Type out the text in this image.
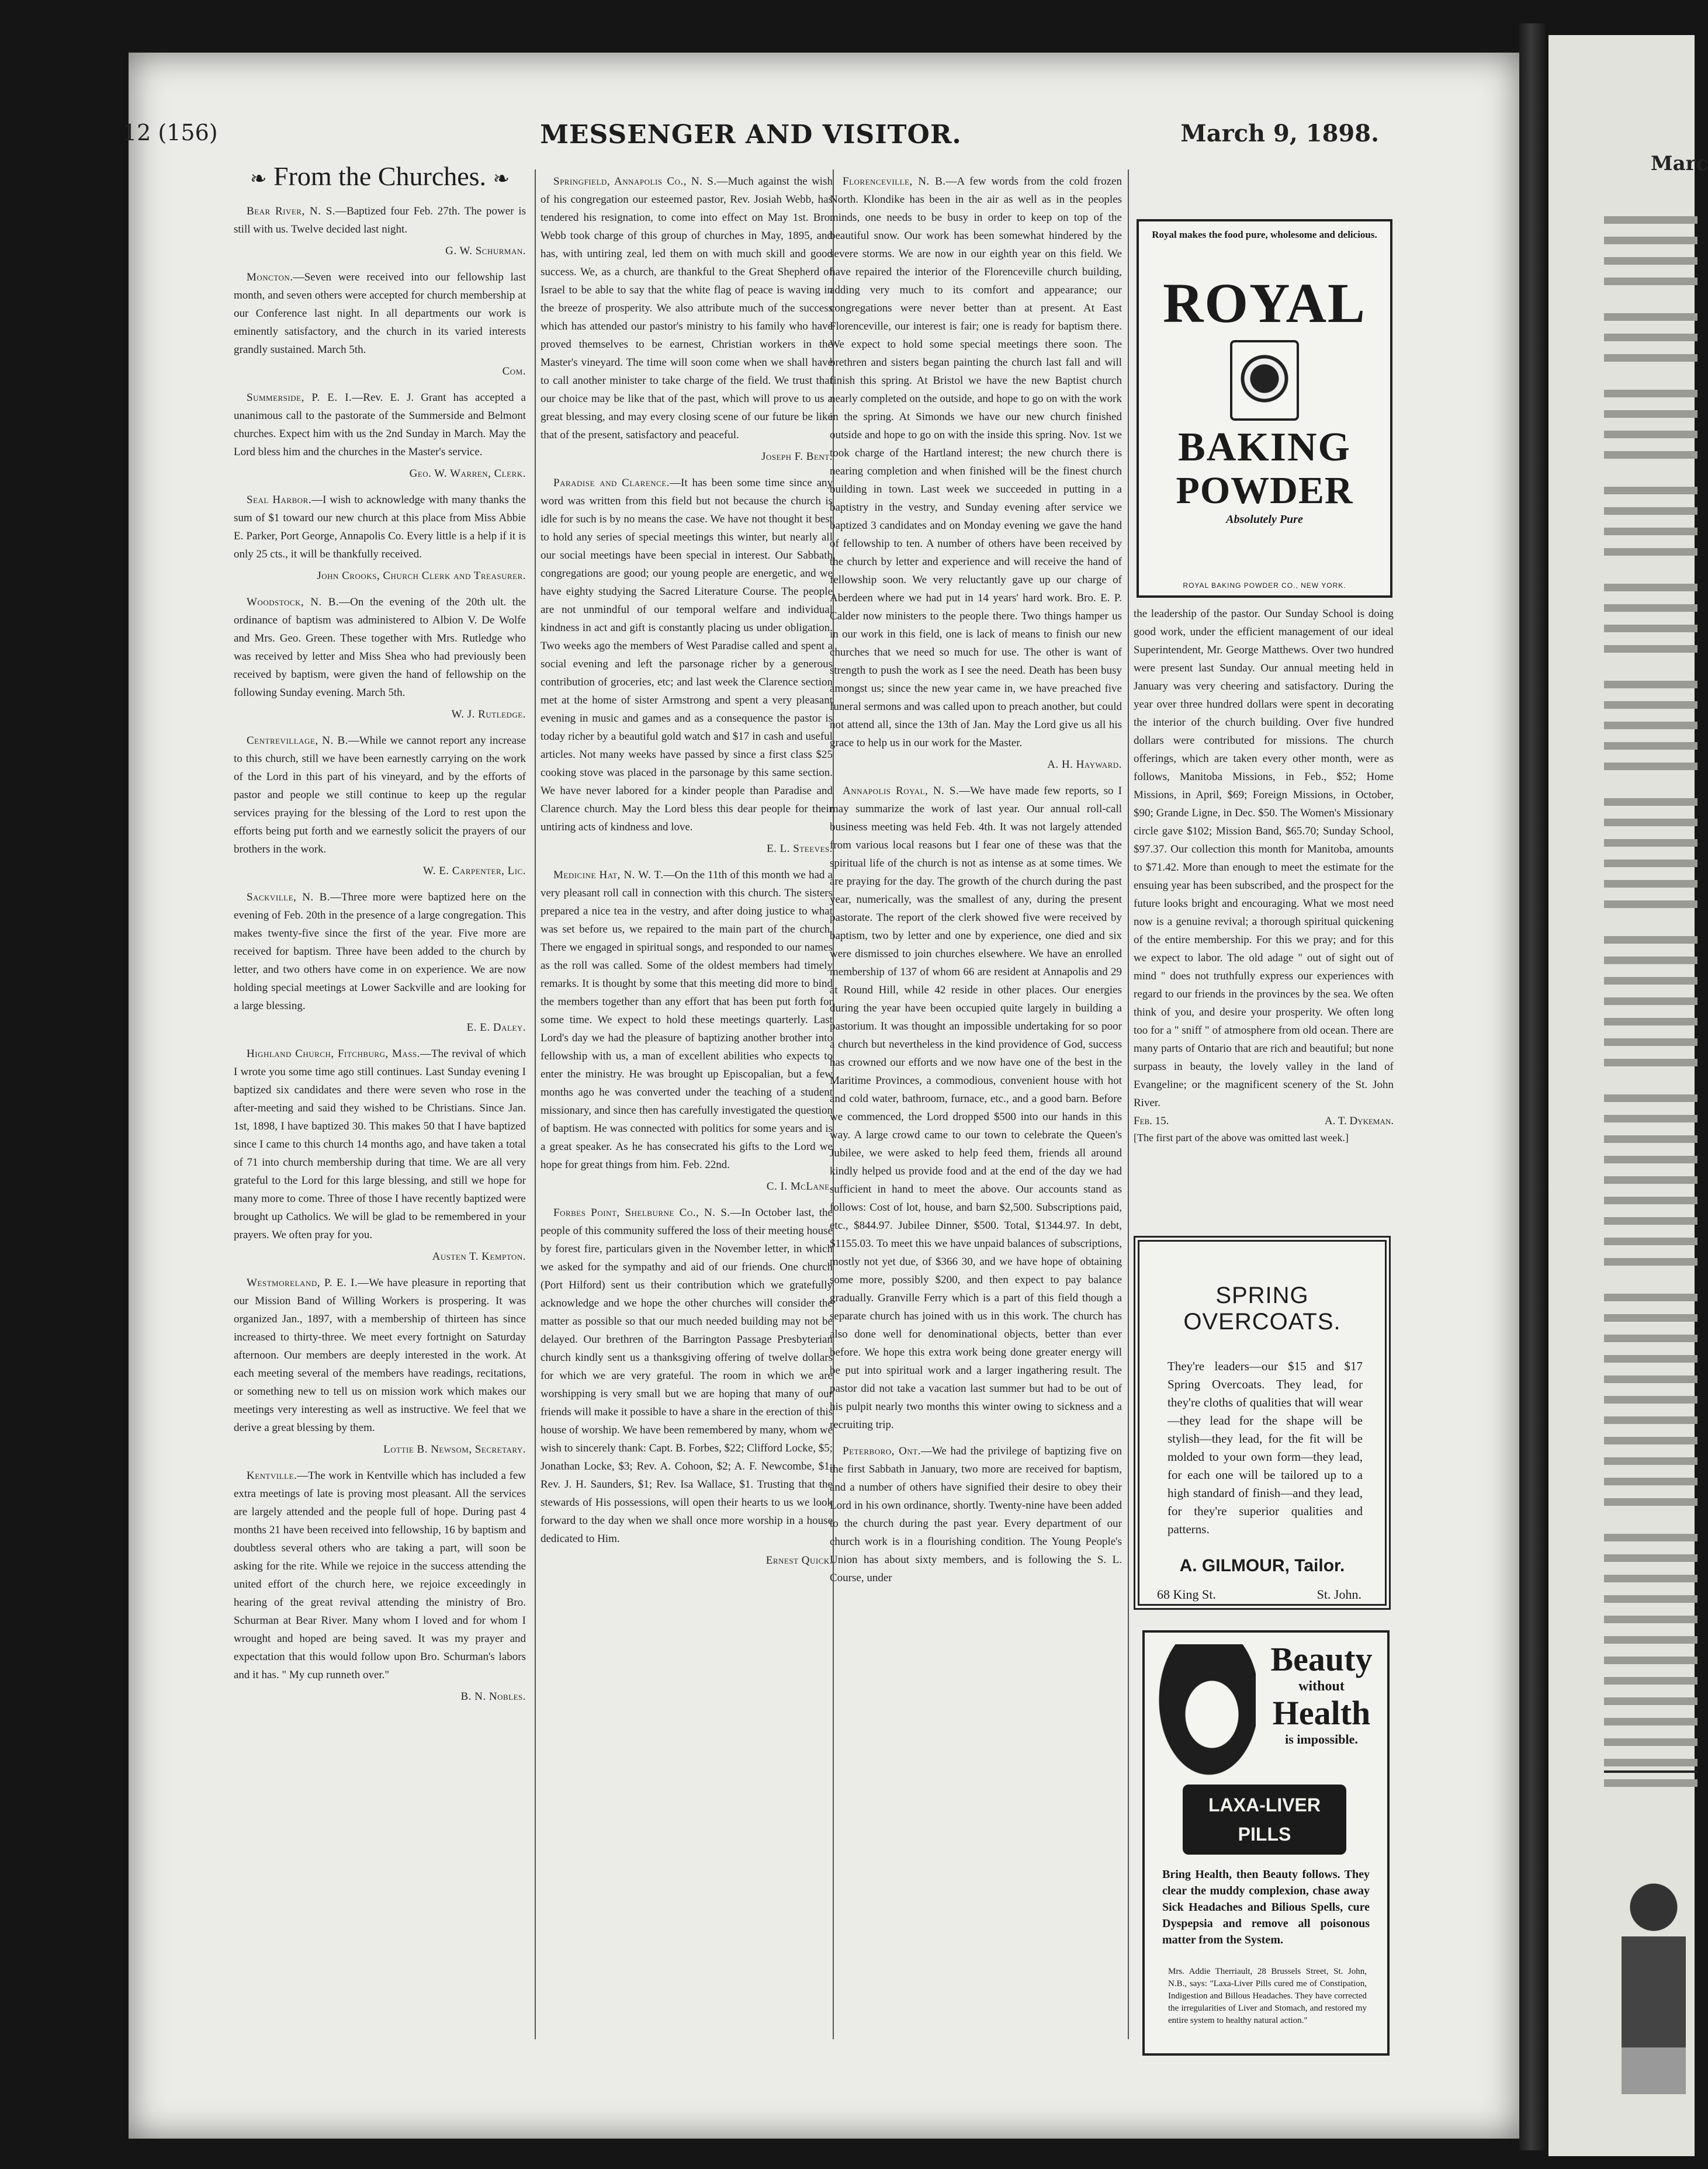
Marc
MESSENGER AND VISITOR.
12 (156)	March 9, 1898.
❧ From the Churches. ❧

Bear River, N. S.—Baptized four Feb. 27th. The power is still with us. Twelve decided last night.

G. W. Schurman.

Moncton.—Seven were received into our fellowship last month, and seven others were accepted for church membership at our Conference last night. In all departments our work is eminently satisfactory, and the church in its varied interests grandly sustained. March 5th.

Com.

Summerside, P. E. I.—Rev. E. J. Grant has accepted a unanimous call to the pastorate of the Summerside and Belmont churches. Expect him with us the 2nd Sunday in March. May the Lord bless him and the churches in the Master's service.

Geo. W. Warren, Clerk.

Seal Harbor.—I wish to acknowledge with many thanks the sum of $1 toward our new church at this place from Miss Abbie E. Parker, Port George, Annapolis Co. Every little is a help if it is only 25 cts., it will be thankfully received.

John Crooks, Church Clerk and Treasurer.

Woodstock, N. B.—On the evening of the 20th ult. the ordinance of baptism was administered to Albion V. De Wolfe and Mrs. Geo. Green. These together with Mrs. Rutledge who was received by letter and Miss Shea who had previously been received by baptism, were given the hand of fellowship on the following Sunday evening. March 5th.

W. J. Rutledge.

Centrevillage, N. B.—While we cannot report any increase to this church, still we have been earnestly carrying on the work of the Lord in this part of his vineyard, and by the efforts of pastor and people we still continue to keep up the regular services praying for the blessing of the Lord to rest upon the efforts being put forth and we earnestly solicit the prayers of our brothers in the work.

W. E. Carpenter, Lic.

Sackville, N. B.—Three more were baptized here on the evening of Feb. 20th in the presence of a large congregation. This makes twenty-five since the first of the year. Five more are received for baptism. Three have been added to the church by letter, and two others have come in on experience. We are now holding special meetings at Lower Sackville and are looking for a large blessing.

E. E. Daley.

Highland Church, Fitchburg, Mass.—The revival of which I wrote you some time ago still continues. Last Sunday evening I baptized six candidates and there were seven who rose in the after-meeting and said they wished to be Christians. Since Jan. 1st, 1898, I have baptized 30. This makes 50 that I have baptized since I came to this church 14 months ago, and have taken a total of 71 into church membership during that time. We are all very grateful to the Lord for this large blessing, and still we hope for many more to come. Three of those I have recently baptized were brought up Catholics. We will be glad to be remembered in your prayers. We often pray for you.

Austen T. Kempton.

Westmoreland, P. E. I.—We have pleasure in reporting that our Mission Band of Willing Workers is prospering. It was organized Jan., 1897, with a membership of thirteen has since increased to thirty-three. We meet every fortnight on Saturday afternoon. Our members are deeply interested in the work. At each meeting several of the members have readings, recitations, or something new to tell us on mission work which makes our meetings very interesting as well as instructive. We feel that we derive a great blessing by them.

Lottie B. Newsom, Secretary.

Kentville.—The work in Kentville which has included a few extra meetings of late is proving most pleasant. All the services are largely attended and the people full of hope. During past 4 months 21 have been received into fellowship, 16 by baptism and doubtless several others who are taking a part, will soon be asking for the rite. While we rejoice in the success attending the united effort of the church here, we rejoice exceedingly in hearing of the great revival attending the ministry of Bro. Schurman at Bear River. Many whom I loved and for whom I wrought and hoped are being saved. It was my prayer and expectation that this would follow upon Bro. Schurman's labors and it has. " My cup runneth over."

B. N. Nobles.

Springfield, Annapolis Co., N. S.—Much against the wish of his congregation our esteemed pastor, Rev. Josiah Webb, has tendered his resignation, to come into effect on May 1st. Bro. Webb took charge of this group of churches in May, 1895, and has, with untiring zeal, led them on with much skill and good success. We, as a church, are thankful to the Great Shepherd of Israel to be able to say that the white flag of peace is waving in the breeze of prosperity. We also attribute much of the success which has attended our pastor's ministry to his family who have proved themselves to be earnest, Christian workers in the Master's vineyard. The time will soon come when we shall have to call another minister to take charge of the field. We trust that our choice may be like that of the past, which will prove to us a great blessing, and may every closing scene of our future be like that of the present, satisfactory and peaceful.

Joseph F. Bent.

Paradise and Clarence.—It has been some time since any word was written from this field but not because the church is idle for such is by no means the case. We have not thought it best to hold any series of special meetings this winter, but nearly all our social meetings have been special in interest. Our Sabbath congregations are good; our young people are energetic, and we have eighty studying the Sacred Literature Course. The people are not unmindful of our temporal welfare and individual kindness in act and gift is constantly placing us under obligation. Two weeks ago the members of West Paradise called and spent a social evening and left the parsonage richer by a generous contribution of groceries, etc; and last week the Clarence section met at the home of sister Armstrong and spent a very pleasant evening in music and games and as a consequence the pastor is today richer by a beautiful gold watch and $17 in cash and useful articles. Not many weeks have passed by since a first class $25 cooking stove was placed in the parsonage by this same section. We have never labored for a kinder people than Paradise and Clarence church. May the Lord bless this dear people for their untiring acts of kindness and love.

E. L. Steeves.

Medicine Hat, N. W. T.—On the 11th of this month we had a very pleasant roll call in connection with this church. The sisters prepared a nice tea in the vestry, and after doing justice to what was set before us, we repaired to the main part of the church. There we engaged in spiritual songs, and responded to our names as the roll was called. Some of the oldest members had timely remarks. It is thought by some that this meeting did more to bind the members together than any effort that has been put forth for some time. We expect to hold these meetings quarterly. Last Lord's day we had the pleasure of baptizing another brother into fellowship with us, a man of excellent abilities who expects to enter the ministry. He was brought up Episcopalian, but a few months ago he was converted under the teaching of a student missionary, and since then has carefully investigated the question of baptism. He was connected with politics for some years and is a great speaker. As he has consecrated his gifts to the Lord we hope for great things from him. Feb. 22nd.

C. I. McLane.

Forbes Point, Shelburne Co., N. S.—In October last, the people of this community suffered the loss of their meeting house by forest fire, particulars given in the November letter, in which we asked for the sympathy and aid of our friends. One church (Port Hilford) sent us their contribution which we gratefully acknowledge and we hope the other churches will consider the matter as possible so that our much needed building may not be delayed. Our brethren of the Barrington Passage Presbyterian church kindly sent us a thanksgiving offering of twelve dollars for which we are very grateful. The room in which we are worshipping is very small but we are hoping that many of our friends will make it possible to have a share in the erection of this house of worship. We have been remembered by many, whom we wish to sincerely thank: Capt. B. Forbes, $22; Clifford Locke, $5; Jonathan Locke, $3; Rev. A. Cohoon, $2; A. F. Newcombe, $1; Rev. J. H. Saunders, $1; Rev. Isa Wallace, $1. Trusting that the stewards of His possessions, will open their hearts to us we look forward to the day when we shall once more worship in a house dedicated to Him.

Ernest Quick.

Florenceville, N. B.—A few words from the cold frozen North. Klondike has been in the air as well as in the peoples minds, one needs to be busy in order to keep on top of the beautiful snow. Our work has been somewhat hindered by the severe storms. We are now in our eighth year on this field. We have repaired the interior of the Florenceville church building, adding very much to its comfort and appearance; our congregations were never better than at present. At East Florenceville, our interest is fair; one is ready for baptism there. We expect to hold some special meetings there soon. The brethren and sisters began painting the church last fall and will finish this spring. At Bristol we have the new Baptist church nearly completed on the outside, and hope to go on with the work in the spring. At Simonds we have our new church finished outside and hope to go on with the inside this spring. Nov. 1st we took charge of the Hartland interest; the new church there is nearing completion and when finished will be the finest church building in town. Last week we succeeded in putting in a baptistry in the vestry, and Sunday evening after service we baptized 3 candidates and on Monday evening we gave the hand of fellowship to ten. A number of others have been received by the church by letter and experience and will receive the hand of fellowship soon. We very reluctantly gave up our charge of Aberdeen where we had put in 14 years' hard work. Bro. E. P. Calder now ministers to the people there. Two things hamper us in our work in this field, one is lack of means to finish our new churches that we need so much for use. The other is want of strength to push the work as I see the need. Death has been busy amongst us; since the new year came in, we have preached five funeral sermons and was called upon to preach another, but could not attend all, since the 13th of Jan. May the Lord give us all his grace to help us in our work for the Master.

A. H. Hayward.

Annapolis Royal, N. S.—We have made few reports, so I may summarize the work of last year. Our annual roll-call business meeting was held Feb. 4th. It was not largely attended from various local reasons but I fear one of these was that the spiritual life of the church is not as intense as at some times. We are praying for the day. The growth of the church during the past year, numerically, was the smallest of any, during the present pastorate. The report of the clerk showed five were received by baptism, two by letter and one by experience, one died and six were dismissed to join churches elsewhere. We have an enrolled membership of 137 of whom 66 are resident at Annapolis and 29 at Round Hill, while 42 reside in other places. Our energies during the year have been occupied quite largely in building a pastorium. It was thought an impossible undertaking for so poor a church but nevertheless in the kind providence of God, success has crowned our efforts and we now have one of the best in the Maritime Provinces, a commodious, convenient house with hot and cold water, bathroom, furnace, etc., and a good barn. Before we commenced, the Lord dropped $500 into our hands in this way. A large crowd came to our town to celebrate the Queen's Jubilee, we were asked to help feed them, friends all around kindly helped us provide food and at the end of the day we had sufficient in hand to meet the above. Our accounts stand as follows: Cost of lot, house, and barn $2,500. Subscriptions paid, etc., $844.97. Jubilee Dinner, $500. Total, $1344.97. In debt, $1155.03. To meet this we have unpaid balances of subscriptions, mostly not yet due, of $366 30, and we have hope of obtaining some more, possibly $200, and then expect to pay balance gradually. Granville Ferry which is a part of this field though a separate church has joined with us in this work. The church has also done well for denominational objects, better than ever before. We hope this extra work being done greater energy will be put into spiritual work and a larger ingathering result. The pastor did not take a vacation last summer but had to be out of his pulpit nearly two months this winter owing to sickness and a recruiting trip.

Peterboro, Ont.—We had the privilege of baptizing five on the first Sabbath in January, two more are received for baptism, and a number of others have signified their desire to obey their Lord in his own ordinance, shortly. Twenty-nine have been added to the church during the past year. Every department of our church work is in a flourishing condition. The Young People's Union has about sixty members, and is following the S. L. Course, under

Royal makes the food pure, wholesome and delicious.
ROYAL
BAKING
POWDER
Absolutely Pure
ROYAL BAKING POWDER CO., NEW YORK.

the leadership of the pastor. Our Sunday School is doing good work, under the efficient management of our ideal Superintendent, Mr. George Matthews. Over two hundred were present last Sunday. Our annual meeting held in January was very cheering and satisfactory. During the year over three hundred dollars were spent in decorating the interior of the church building. Over five hundred dollars were contributed for missions. The church offerings, which are taken every other month, were as follows, Manitoba Missions, in Feb., $52; Home Missions, in April, $69; Foreign Missions, in October, $90; Grande Ligne, in Dec. $50. The Women's Missionary circle gave $102; Mission Band, $65.70; Sunday School, $97.37. Our collection this month for Manitoba, amounts to $71.42. More than enough to meet the estimate for the ensuing year has been subscribed, and the prospect for the future looks bright and encouraging. What we most need now is a genuine revival; a thorough spiritual quickening of the entire membership. For this we pray; and for this we expect to labor. The old adage " out of sight out of mind " does not truthfully express our experiences with regard to our friends in the provinces by the sea. We often think of you, and desire your prosperity. We often long too for a " sniff " of atmosphere from old ocean. There are many parts of Ontario that are rich and beautiful; but none surpass in beauty, the lovely valley in the land of Evangeline; or the magnificent scenery of the St. John River.

Feb. 15.	A. T. Dykeman.

[The first part of the above was omitted last week.]

SPRING OVERCOATS.
They're leaders—our $15 and $17 Spring Overcoats. They lead, for they're cloths of qualities that will wear—they lead for the shape will be stylish—they lead, for the fit will be molded to your own form—they lead, for each one will be tailored up to a high standard of finish—and they lead, for they're superior qualities and patterns.
A. GILMOUR, Tailor.
68 King St.	St. John.
Beauty
without
Health
is impossible.
LAXA-LIVER
PILLS
Bring Health, then Beauty follows. They clear the muddy complexion, chase away Sick Headaches and Bilious Spells, cure Dyspepsia and remove all poisonous matter from the System.
Mrs. Addie Therriault, 28 Brussels Street, St. John, N.B., says: "Laxa-Liver Pills cured me of Constipation, Indigestion and Billous Headaches. They have corrected the irregularities of Liver and Stomach, and restored my entire system to healthy natural action."
